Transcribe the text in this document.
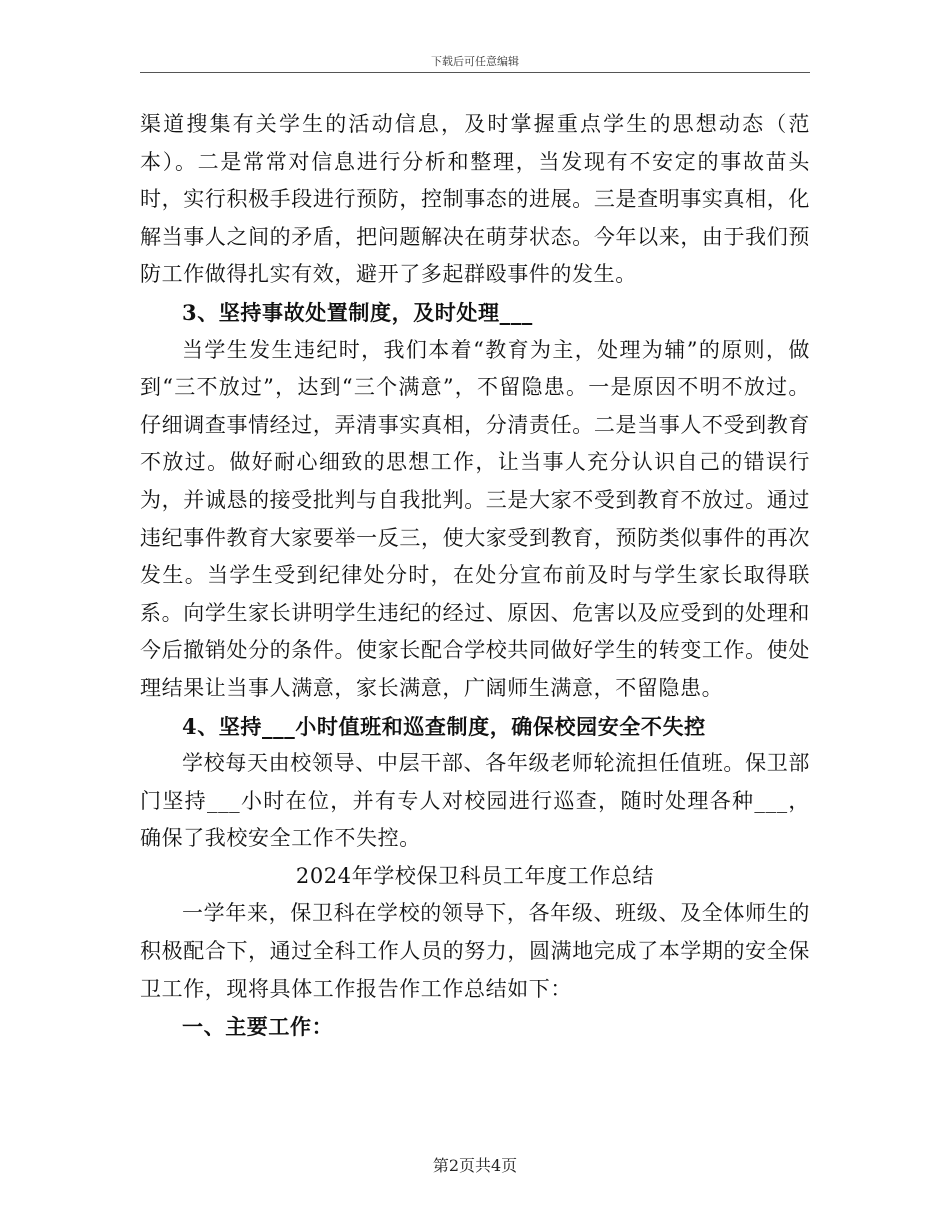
下载后可任意编辑

渠道搜集有关学生的活动信息，及时掌握重点学生的思想动态（范本）。二是常常对信息进行分析和整理，当发现有不安定的事故苗头时，实行积极手段进行预防，控制事态的进展。三是查明事实真相，化解当事人之间的矛盾，把问题解决在萌芽状态。今年以来，由于我们预防工作做得扎实有效，避开了多起群殴事件的发生。

3、坚持事故处置制度，及时处理___

当学生发生违纪时，我们本着“教育为主，处理为辅”的原则，做到“三不放过”，达到“三个满意”，不留隐患。一是原因不明不放过。仔细调查事情经过，弄清事实真相，分清责任。二是当事人不受到教育不放过。做好耐心细致的思想工作，让当事人充分认识自己的错误行为，并诚恳的接受批判与自我批判。三是大家不受到教育不放过。通过违纪事件教育大家要举一反三，使大家受到教育，预防类似事件的再次发生。当学生受到纪律处分时，在处分宣布前及时与学生家长取得联系。向学生家长讲明学生违纪的经过、原因、危害以及应受到的处理和今后撤销处分的条件。使家长配合学校共同做好学生的转变工作。使处理结果让当事人满意，家长满意，广阔师生满意，不留隐患。

4、坚持___小时值班和巡查制度，确保校园安全不失控

学校每天由校领导、中层干部、各年级老师轮流担任值班。保卫部门坚持___小时在位，并有专人对校园进行巡查，随时处理各种___，确保了我校安全工作不失控。

2024年学校保卫科员工年度工作总结

一学年来，保卫科在学校的领导下，各年级、班级、及全体师生的积极配合下，通过全科工作人员的努力，圆满地完成了本学期的安全保卫工作，现将具体工作报告作工作总结如下：

一、主要工作：

第2页共4页
